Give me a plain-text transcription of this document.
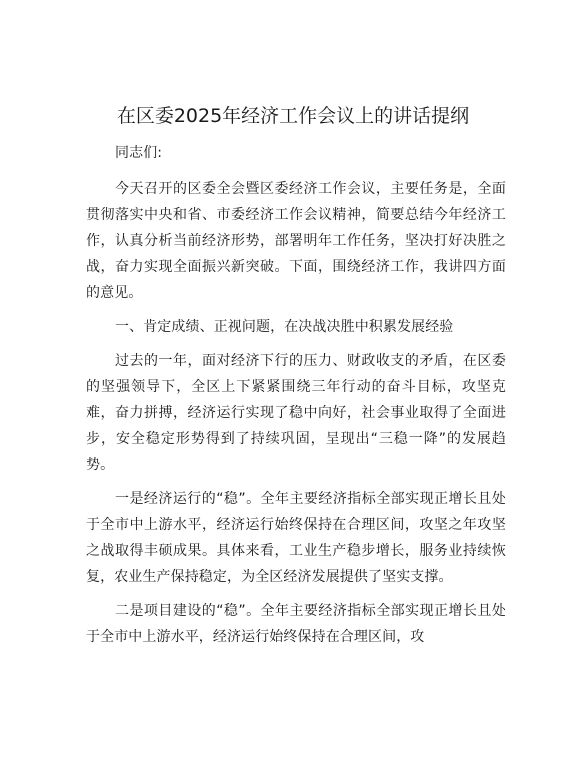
在区委2025年经济工作会议上的讲话提纲

同志们:

今天召开的区委全会暨区委经济工作会议，主要任务是，全面贯彻落实中央和省、市委经济工作会议精神，简要总结今年经济工作，认真分析当前经济形势，部署明年工作任务，坚决打好决胜之战，奋力实现全面振兴新突破。下面，围绕经济工作，我讲四方面的意见。

一、肯定成绩、正视问题，在决战决胜中积累发展经验

过去的一年，面对经济下行的压力、财政收支的矛盾，在区委的坚强领导下，全区上下紧紧围绕三年行动的奋斗目标，攻坚克难，奋力拼搏，经济运行实现了稳中向好，社会事业取得了全面进步，安全稳定形势得到了持续巩固，呈现出“三稳一降”的发展趋势。

一是经济运行的“稳”。全年主要经济指标全部实现正增长且处于全市中上游水平，经济运行始终保持在合理区间，攻坚之年攻坚之战取得丰硕成果。具体来看，工业生产稳步增长，服务业持续恢复，农业生产保持稳定，为全区经济发展提供了坚实支撑。

二是项目建设的“稳”。全年主要经济指标全部实现正增长且处于全市中上游水平，经济运行始终保持在合理区间，攻
